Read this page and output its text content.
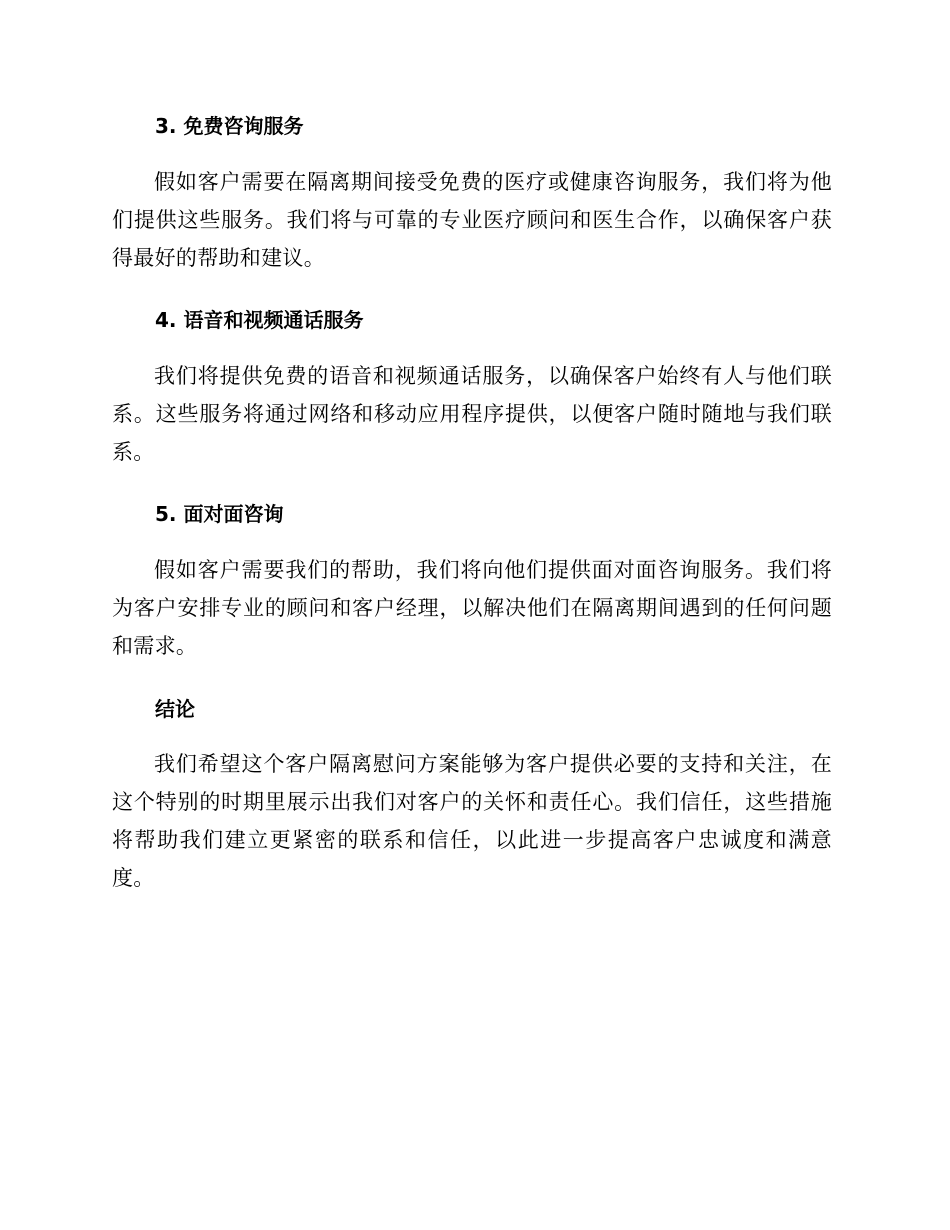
3. 免费咨询服务
假如客户需要在隔离期间接受免费的医疗或健康咨询服务，我们将为他们提供这些服务。我们将与可靠的专业医疗顾问和医生合作，以确保客户获得最好的帮助和建议。
4. 语音和视频通话服务
我们将提供免费的语音和视频通话服务，以确保客户始终有人与他们联系。这些服务将通过网络和移动应用程序提供，以便客户随时随地与我们联系。
5. 面对面咨询
假如客户需要我们的帮助，我们将向他们提供面对面咨询服务。我们将为客户安排专业的顾问和客户经理，以解决他们在隔离期间遇到的任何问题和需求。
结论
我们希望这个客户隔离慰问方案能够为客户提供必要的支持和关注，在这个特别的时期里展示出我们对客户的关怀和责任心。我们信任，这些措施将帮助我们建立更紧密的联系和信任，以此进一步提高客户忠诚度和满意度。
